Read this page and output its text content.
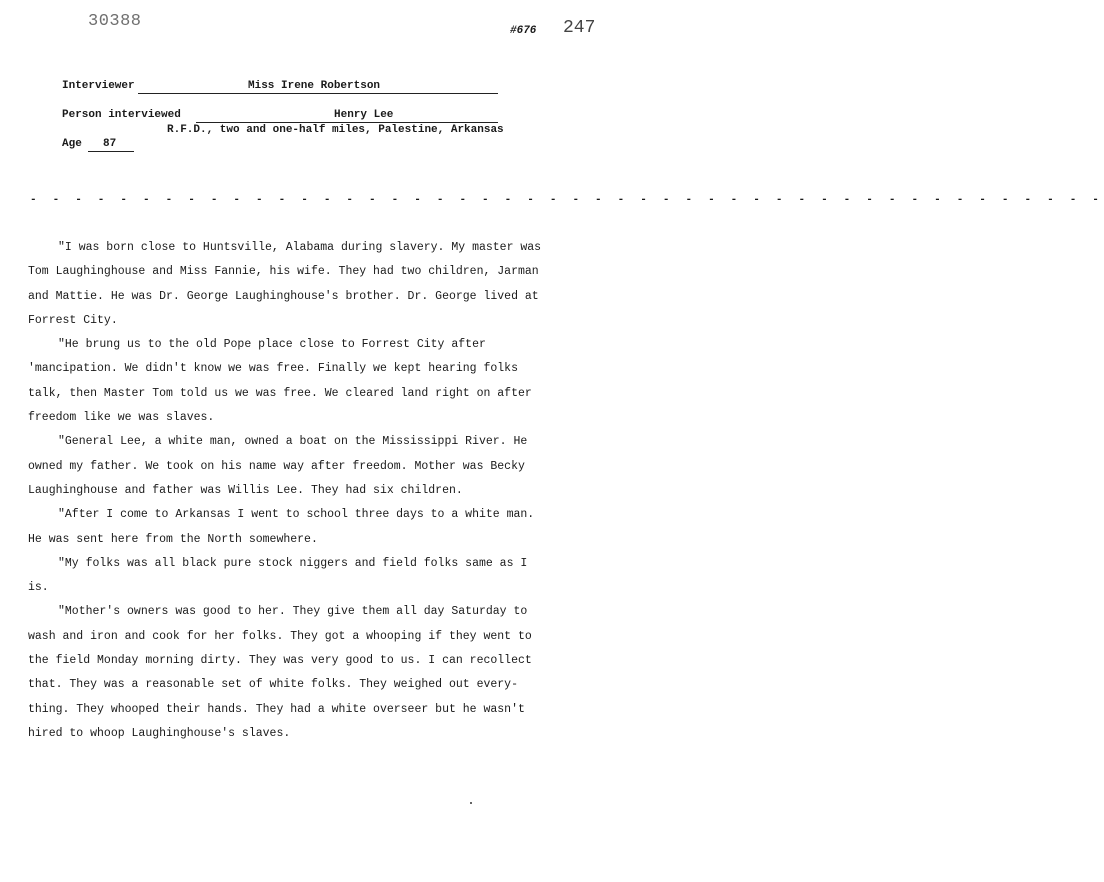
30388	#676 247
Interviewer	Miss Irene Robertson
Person interviewed	Henry Lee
R.F.D., two and one-half miles, Palestine, Arkansas
Age 87
- - - - - - - - - - - - - - - - - - - - - - - - - - - - - - - - - - - - - - - - - - - - - - - -

"I was born close to Huntsville, Alabama during slavery. My master was
Tom Laughinghouse and Miss Fannie, his wife. They had two children, Jarman
and Mattie. He was Dr. George Laughinghouse's brother. Dr. George lived at
Forrest City.

"He brung us to the old Pope place close to Forrest City after
'mancipation. We didn't know we was free. Finally we kept hearing folks
talk, then Master Tom told us we was free. We cleared land right on after
freedom like we was slaves.

"General Lee, a white man, owned a boat on the Mississippi River. He
owned my father. We took on his name way after freedom. Mother was Becky
Laughinghouse and father was Willis Lee. They had six children.

"After I come to Arkansas I went to school three days to a white man.
He was sent here from the North somewhere.

"My folks was all black pure stock niggers and field folks same as I
is.

"Mother's owners was good to her. They give them all day Saturday to
wash and iron and cook for her folks. They got a whooping if they went to
the field Monday morning dirty. They was very good to us. I can recollect
that. They was a reasonable set of white folks. They weighed out every-
thing. They whooped their hands. They had a white overseer but he wasn't
hired to whoop Laughinghouse's slaves.
